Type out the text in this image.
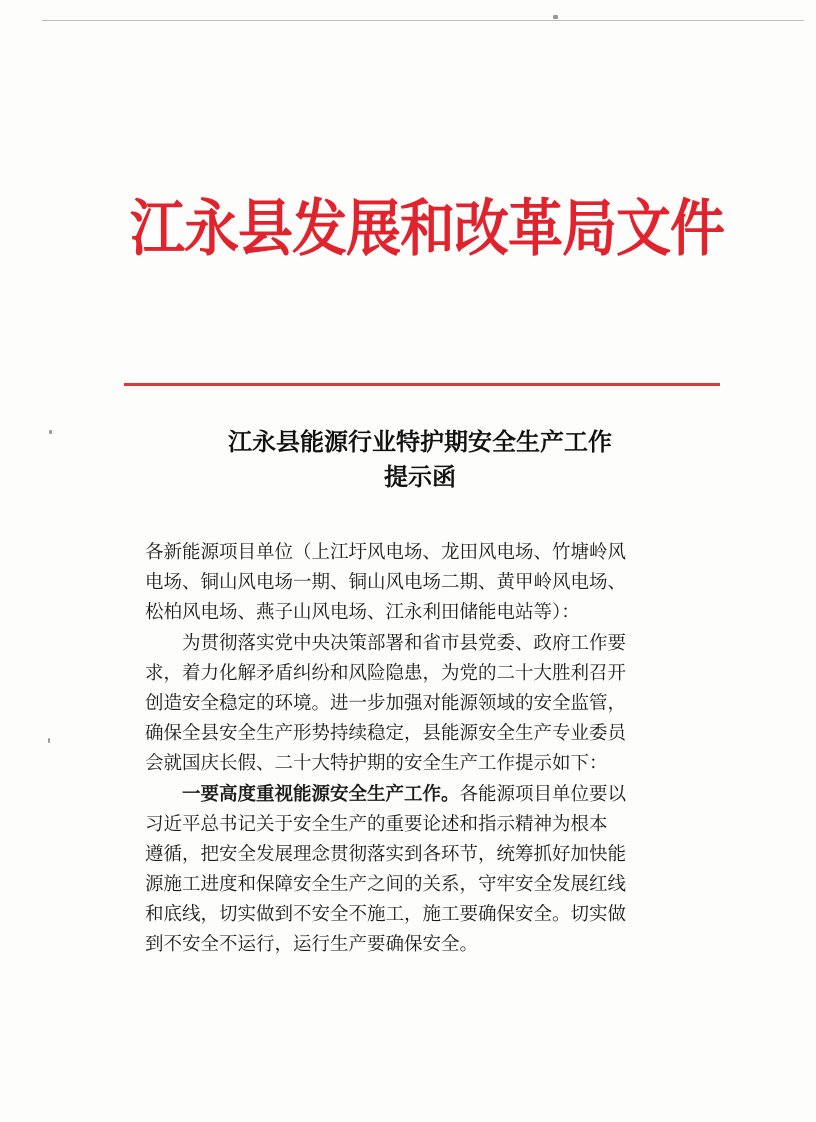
江永县发展和改革局文件
江永县能源行业特护期安全生产工作
提示函
各新能源项目单位（上江圩风电场、龙田风电场、竹塘岭风
电场、铜山风电场一期、铜山风电场二期、黄甲岭风电场、
松柏风电场、燕子山风电场、江永利田储能电站等）：
为贯彻落实党中央决策部署和省市县党委、政府工作要
求，着力化解矛盾纠纷和风险隐患，为党的二十大胜利召开
创造安全稳定的环境。进一步加强对能源领域的安全监管，
确保全县安全生产形势持续稳定，县能源安全生产专业委员
会就国庆长假、二十大特护期的安全生产工作提示如下：
一要高度重视能源安全生产工作。各能源项目单位要以
习近平总书记关于安全生产的重要论述和指示精神为根本
遵循，把安全发展理念贯彻落实到各环节，统筹抓好加快能
源施工进度和保障安全生产之间的关系，守牢安全发展红线
和底线，切实做到不安全不施工，施工要确保安全。切实做
到不安全不运行，运行生产要确保安全。
